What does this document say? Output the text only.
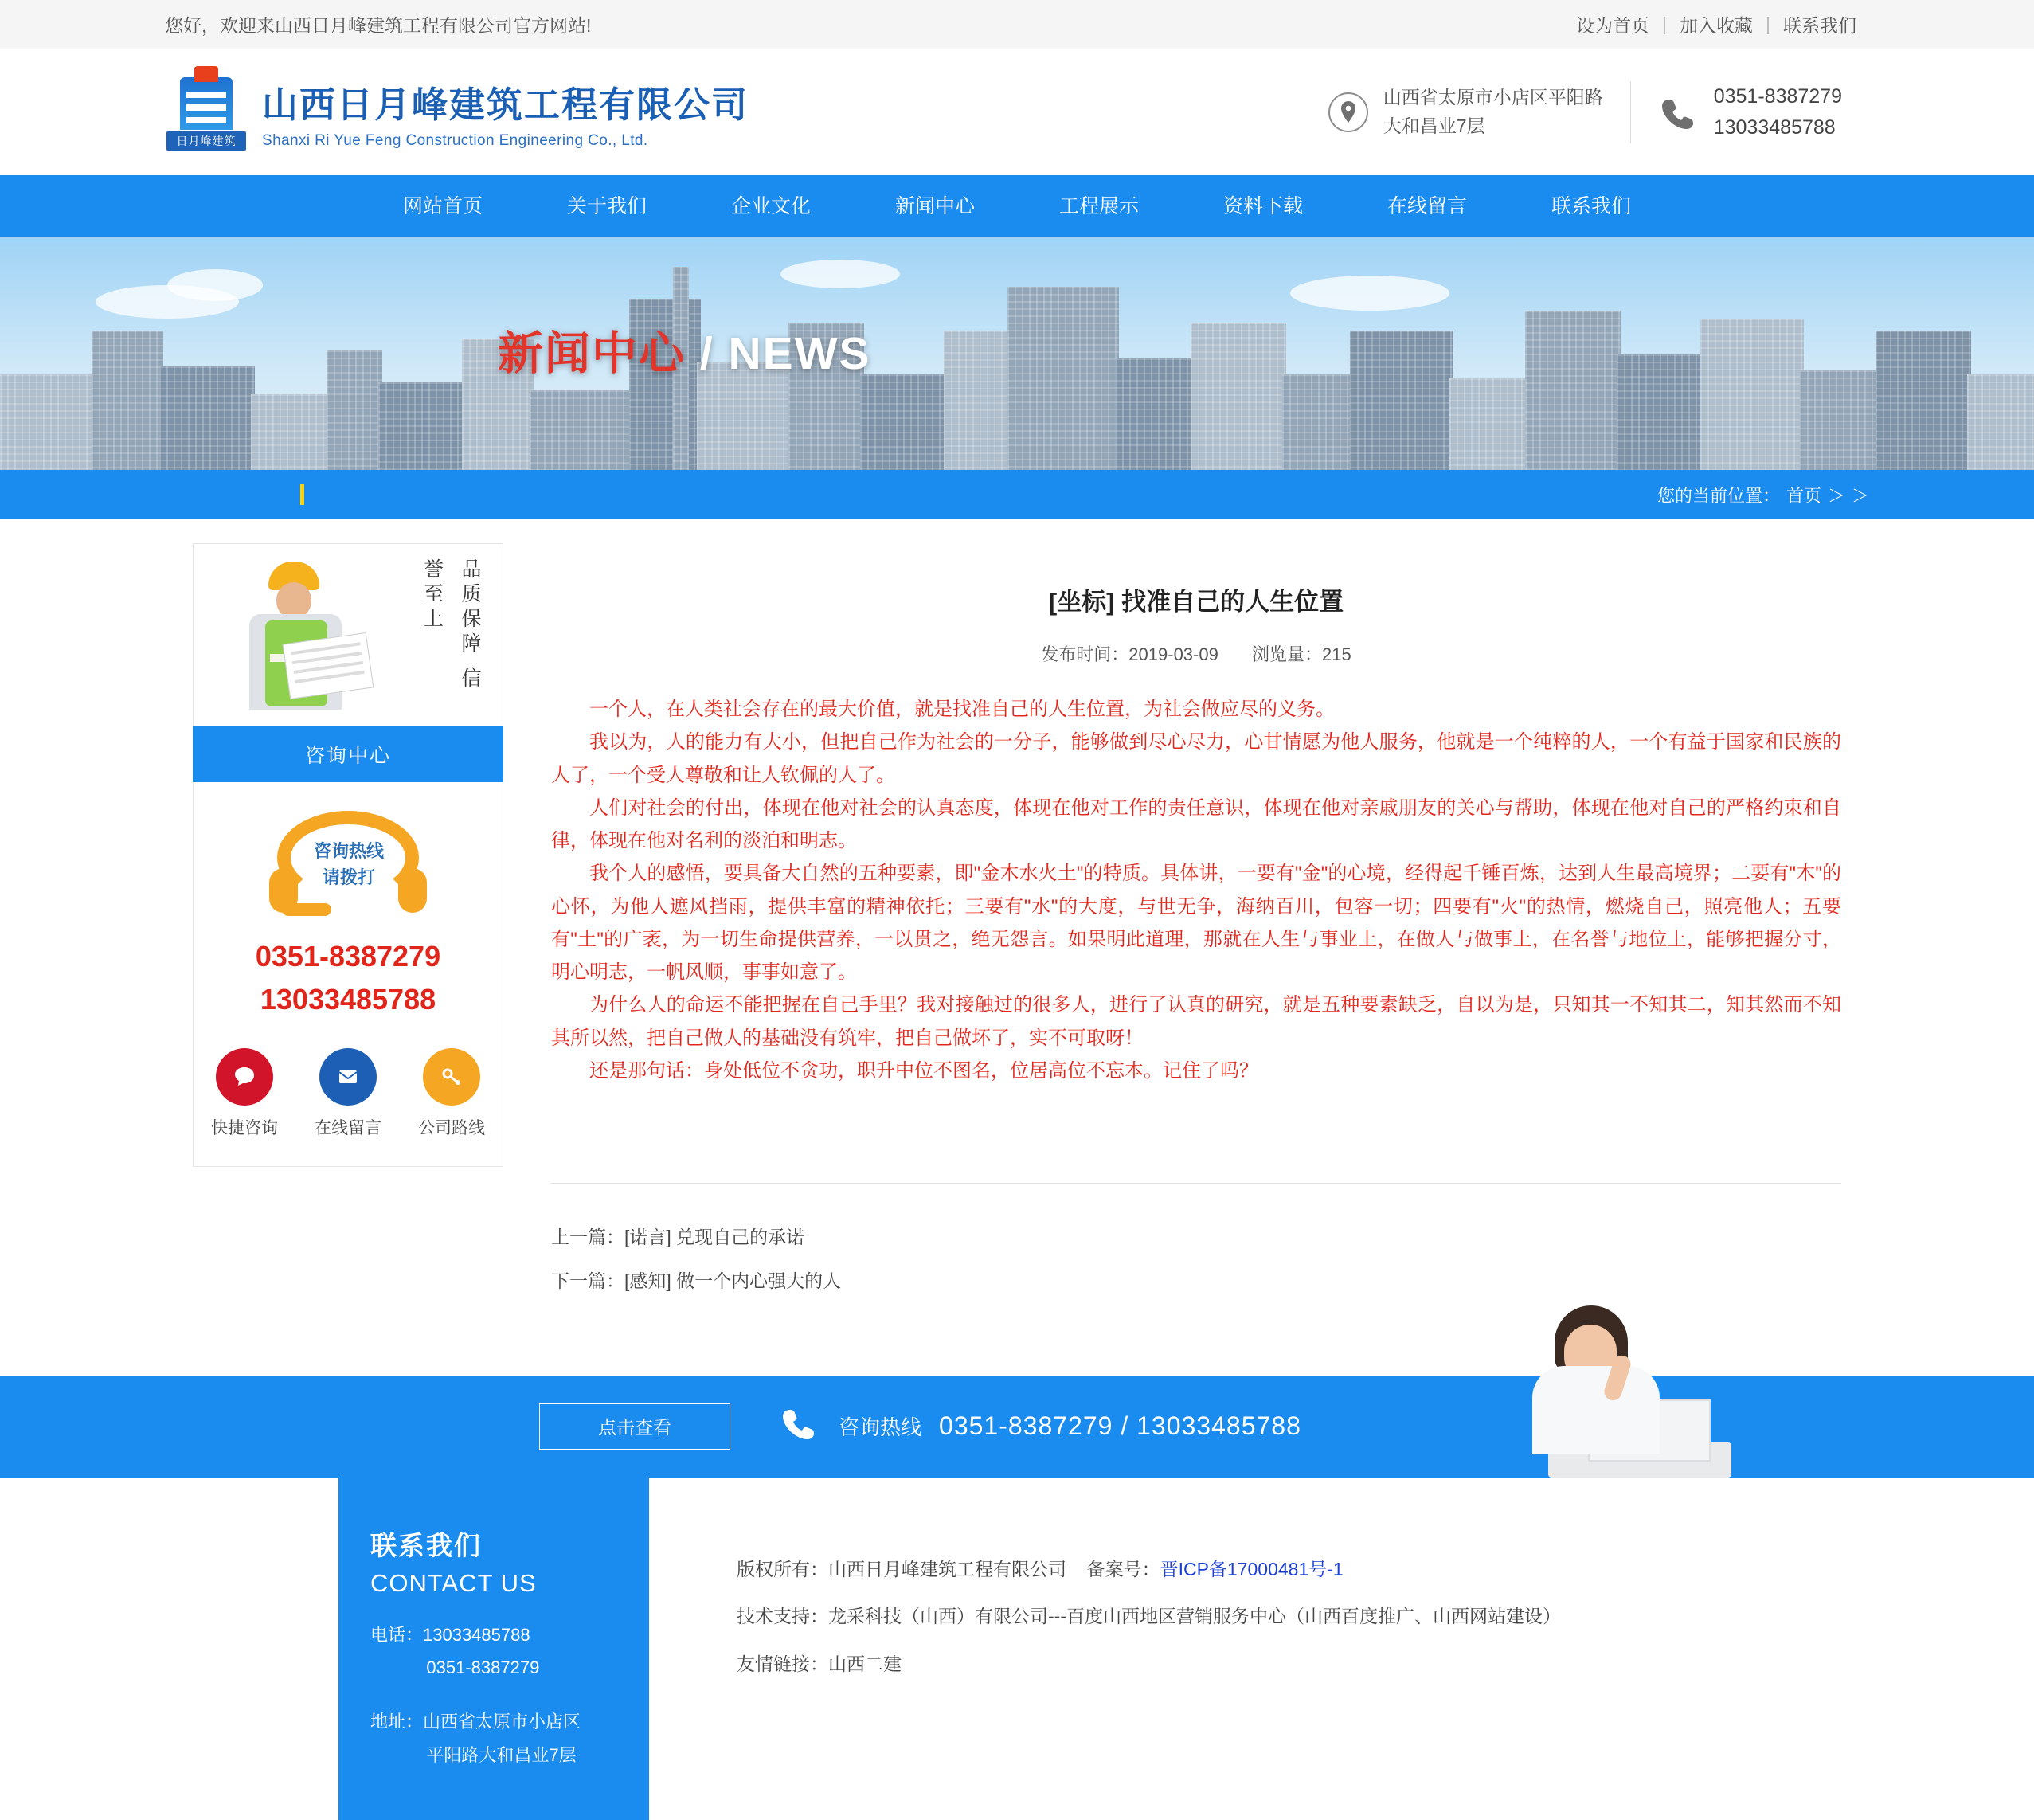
您好，欢迎来山西日月峰建筑工程有限公司官方网站!	设为首页 | 加入收藏 | 联系我们
日月峰建筑
山西日月峰建筑工程有限公司
Shanxi Ri Yue Feng Construction Engineering Co., Ltd.
山西省太原市小店区平阳路
大和昌业7层
0351-8387279
13033485788
网站首页	关于我们	企业文化	新闻中心	工程展示	资料下载	在线留言	联系我们
新闻中心 / NEWS
您的当前位置： 首页 ＞ ＞
品质保障 信誉至上
咨询中心
咨询热线
请拨打
0351-8387279
13033485788
快捷咨询 在线留言 公司路线
[坐标] 找准自己的人生位置
发布时间：2019-03-09 浏览量：215

一个人，在人类社会存在的最大价值，就是找准自己的人生位置，为社会做应尽的义务。

我以为，人的能力有大小，但把自己作为社会的一分子，能够做到尽心尽力，心甘情愿为他人服务，他就是一个纯粹的人，一个有益于国家和民族的人了，一个受人尊敬和让人钦佩的人了。

人们对社会的付出，体现在他对社会的认真态度，体现在他对工作的责任意识，体现在他对亲戚朋友的关心与帮助，体现在他对自己的严格约束和自律，体现在他对名利的淡泊和明志。

我个人的感悟，要具备大自然的五种要素，即"金木水火土"的特质。具体讲，一要有"金"的心境，经得起千锤百炼，达到人生最高境界；二要有"木"的心怀，为他人遮风挡雨，提供丰富的精神依托；三要有"水"的大度，与世无争，海纳百川，包容一切；四要有"火"的热情，燃烧自己，照亮他人；五要有"土"的广袤，为一切生命提供营养，一以贯之，绝无怨言。如果明此道理，那就在人生与事业上，在做人与做事上，在名誉与地位上，能够把握分寸，明心明志，一帆风顺，事事如意了。

为什么人的命运不能把握在自己手里？我对接触过的很多人，进行了认真的研究，就是五种要素缺乏，自以为是，只知其一不知其二，知其然而不知其所以然，把自己做人的基础没有筑牢，把自己做坏了，实不可取呀！

还是那句话：身处低位不贪功，职升中位不图名，位居高位不忘本。记住了吗？

上一篇：[诺言] 兑现自己的承诺
下一篇：[感知] 做一个内心强大的人
点击查看	咨询热线 0351-8387279 / 13033485788
联系我们
CONTACT US
电话：13033485788
0351-8387279
地址：山西省太原市小店区
平阳路大和昌业7层
版权所有：山西日月峰建筑工程有限公司 备案号：晋ICP备17000481号-1
技术支持：龙采科技（山西）有限公司---百度山西地区营销服务中心（山西百度推广、山西网站建设）
友情链接：山西二建
